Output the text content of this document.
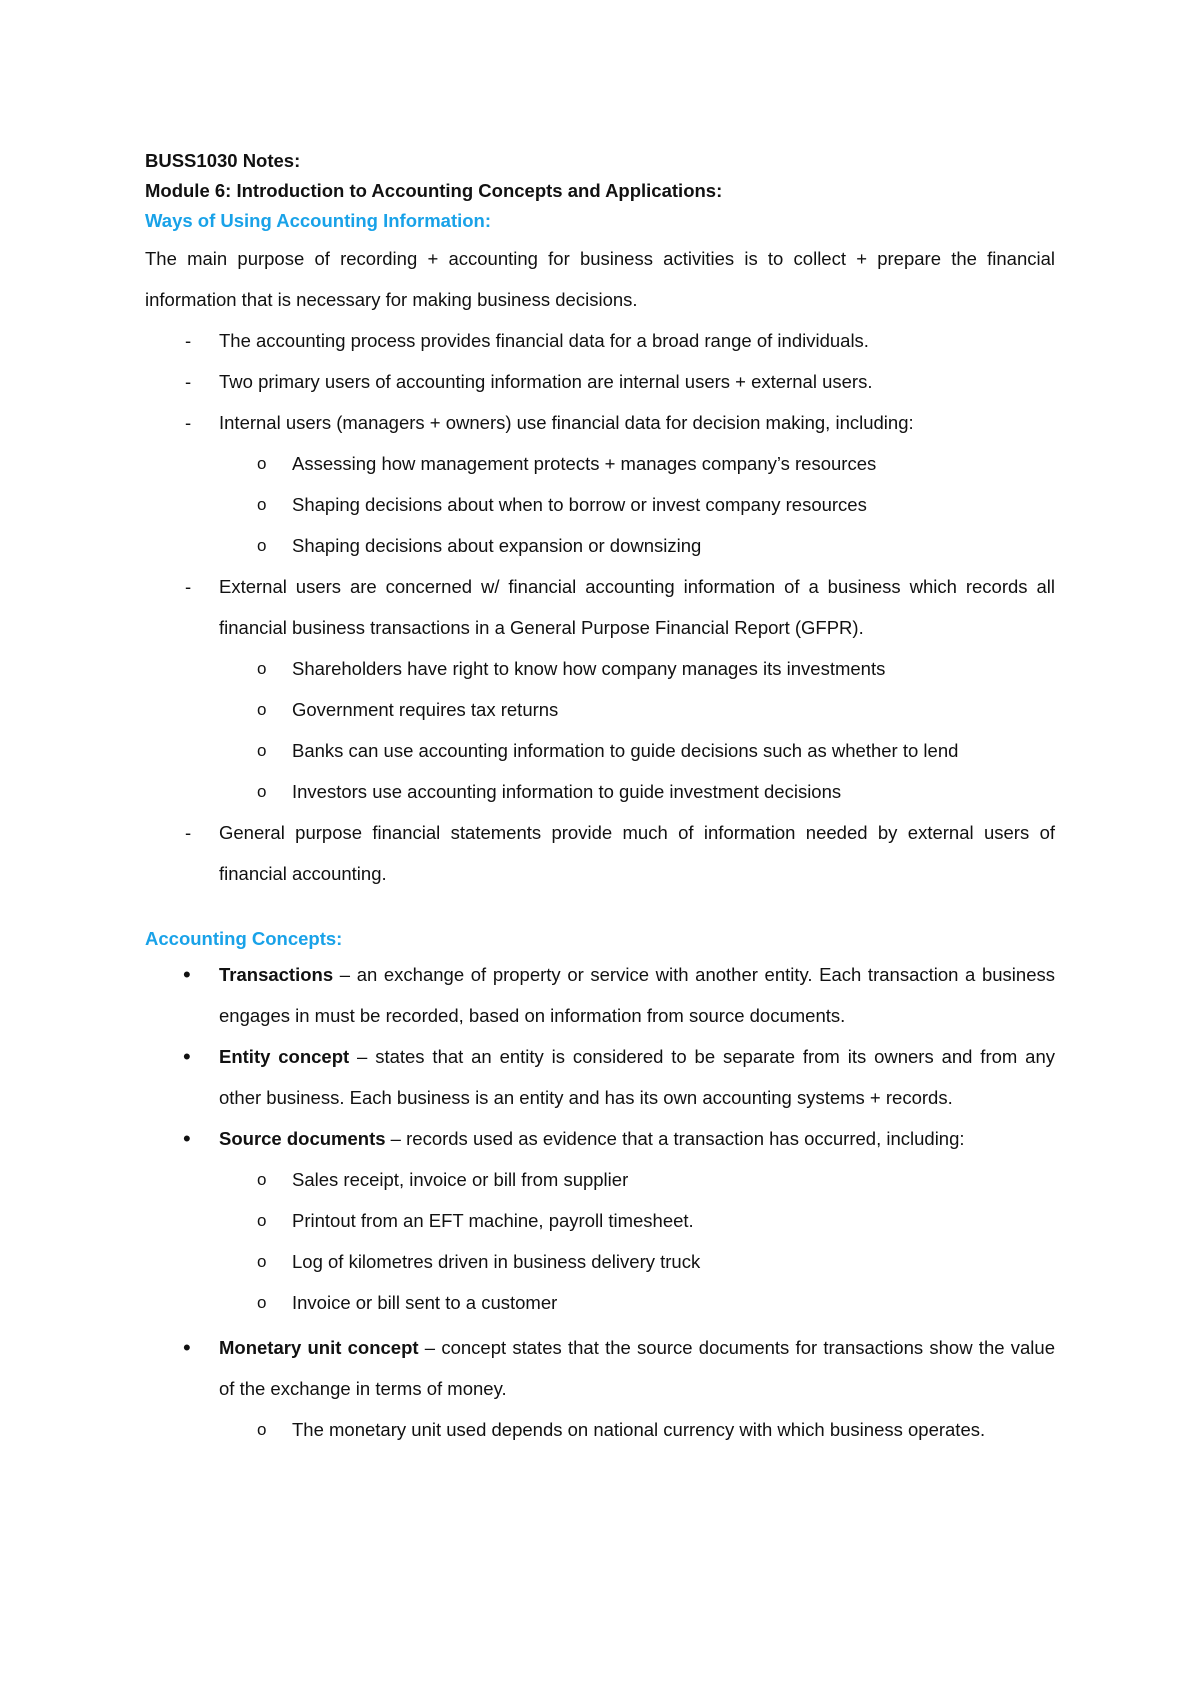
BUSS1030 Notes:
Module 6: Introduction to Accounting Concepts and Applications:
Ways of Using Accounting Information:
The main purpose of recording + accounting for business activities is to collect + prepare the financial information that is necessary for making business decisions.
- The accounting process provides financial data for a broad range of individuals.
- Two primary users of accounting information are internal users + external users.
- Internal users (managers + owners) use financial data for decision making, including:
o Assessing how management protects + manages company’s resources
o Shaping decisions about when to borrow or invest company resources
o Shaping decisions about expansion or downsizing
- External users are concerned w/ financial accounting information of a business which records all financial business transactions in a General Purpose Financial Report (GFPR).
o Shareholders have right to know how company manages its investments
o Government requires tax returns
o Banks can use accounting information to guide decisions such as whether to lend
o Investors use accounting information to guide investment decisions
- General purpose financial statements provide much of information needed by external users of financial accounting.
Accounting Concepts:
• Transactions – an exchange of property or service with another entity. Each transaction a business engages in must be recorded, based on information from source documents.
• Entity concept – states that an entity is considered to be separate from its owners and from any other business. Each business is an entity and has its own accounting systems + records.
• Source documents – records used as evidence that a transaction has occurred, including:
o Sales receipt, invoice or bill from supplier
o Printout from an EFT machine, payroll timesheet.
o Log of kilometres driven in business delivery truck
o Invoice or bill sent to a customer
• Monetary unit concept – concept states that the source documents for transactions show the value of the exchange in terms of money.
o The monetary unit used depends on national currency with which business operates.
